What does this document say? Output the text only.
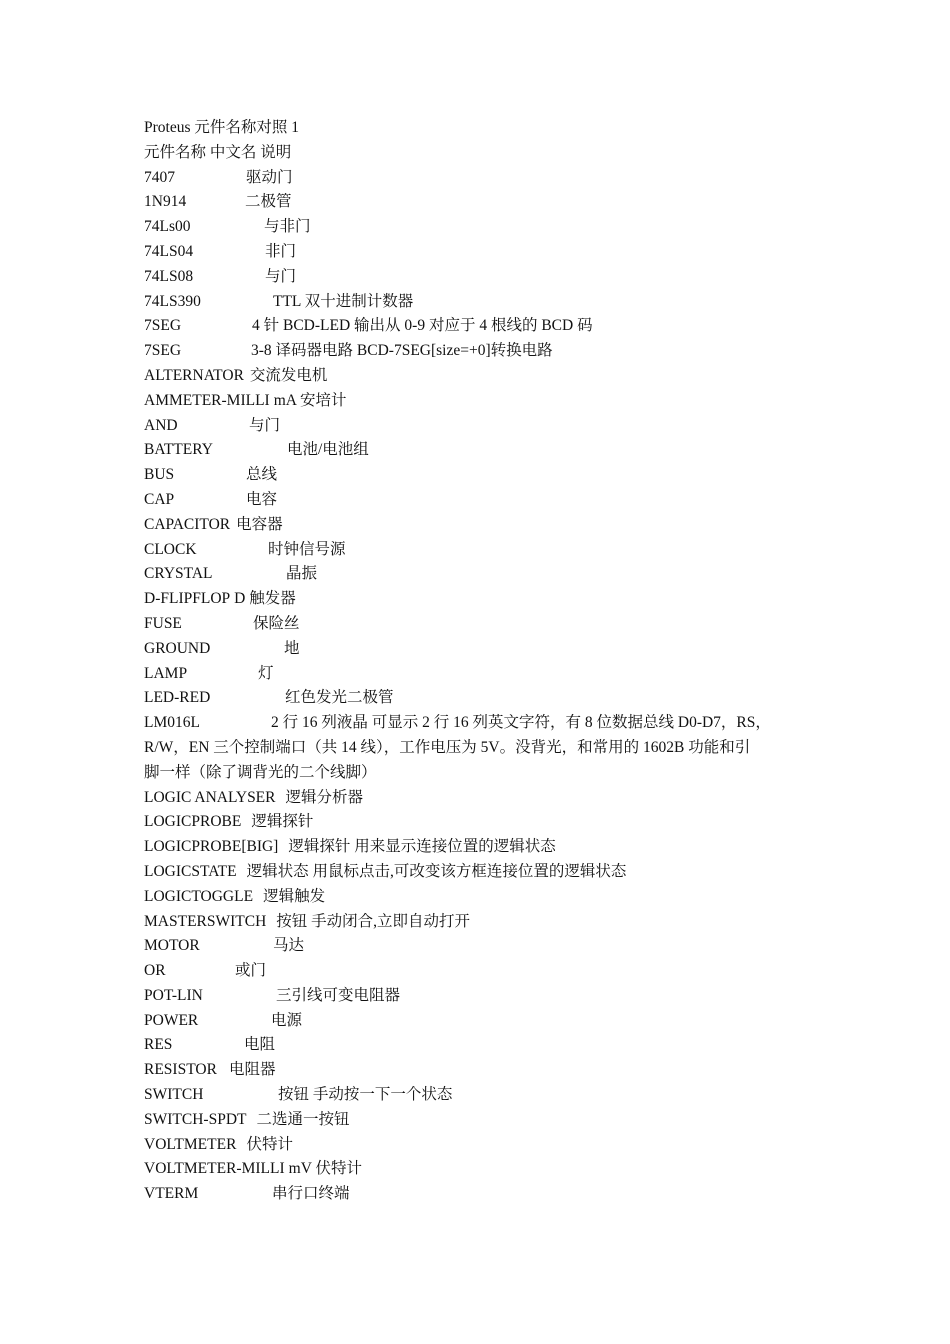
Proteus 元件名称对照 1
元件名称 中文名 说明
7407	驱动门
1N914	二极管
74Ls00	与非门
74LS04	非门
74LS08	与门
74LS390	TTL 双十进制计数器
7SEG	4 针 BCD-LED 输出从 0-9 对应于 4 根线的 BCD 码
7SEG	3-8 译码器电路 BCD-7SEG[size=+0]转换电路
ALTERNATOR 交流发电机
AMMETER-MILLI mA 安培计
AND	与门
BATTERY	电池/电池组
BUS	总线
CAP	电容
CAPACITOR 电容器
CLOCK	时钟信号源
CRYSTAL	晶振
D-FLIPFLOP D 触发器
FUSE	保险丝
GROUND	地
LAMP	灯
LED-RED	红色发光二极管
LM016L	2 行 16 列液晶 可显示 2 行 16 列英文字符，有 8 位数据总线 D0-D7，RS，
R/W，EN 三个控制端口（共 14 线），工作电压为 5V。没背光，和常用的 1602B 功能和引
脚一样（除了调背光的二个线脚）
LOGIC ANALYSER 逻辑分析器
LOGICPROBE 逻辑探针
LOGICPROBE[BIG] 逻辑探针 用来显示连接位置的逻辑状态
LOGICSTATE 逻辑状态 用鼠标点击,可改变该方框连接位置的逻辑状态
LOGICTOGGLE 逻辑触发
MASTERSWITCH 按钮 手动闭合,立即自动打开
MOTOR	马达
OR	或门
POT-LIN	三引线可变电阻器
POWER	电源
RES	电阻
RESISTOR 电阻器
SWITCH	按钮 手动按一下一个状态
SWITCH-SPDT 二选通一按钮
VOLTMETER 伏特计
VOLTMETER-MILLI mV 伏特计
VTERM	串行口终端
